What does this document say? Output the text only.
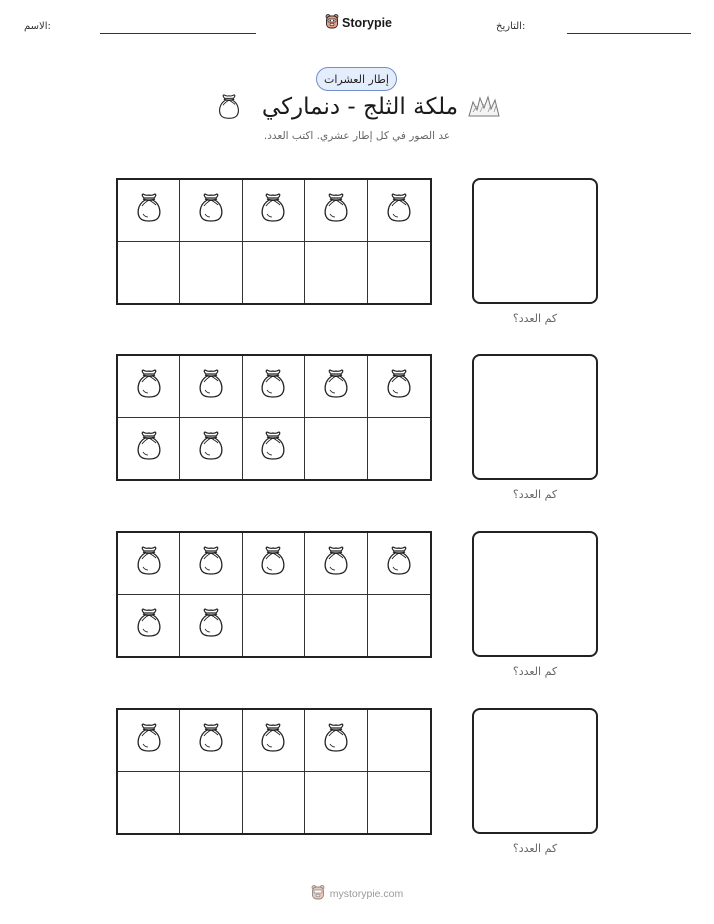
الاسم:	Storypie	التاريخ:
إطار العشرات
ملكة الثلج - دنماركي
عد الصور في كل إطار عشري. اكتب العدد.
كم العدد؟
كم العدد؟
كم العدد؟
كم العدد؟
mystorypie.com
